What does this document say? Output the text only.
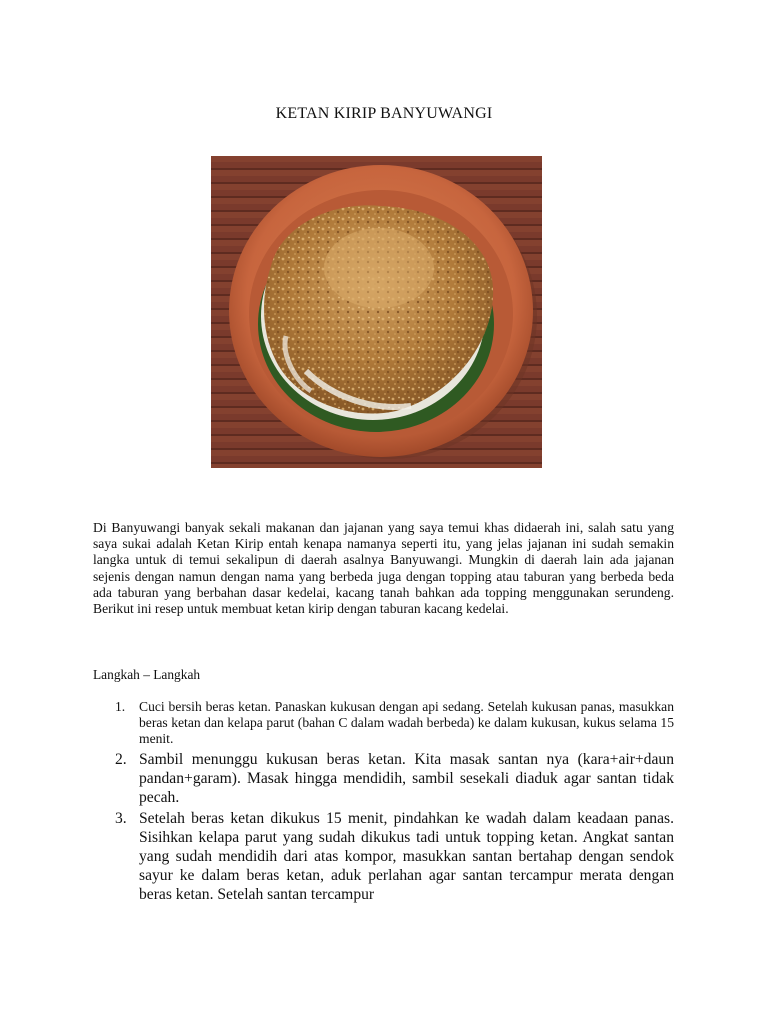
KETAN KIRIP BANYUWANGI

Di Banyuwangi banyak sekali makanan dan jajanan yang saya temui khas didaerah ini, salah satu yang saya sukai adalah Ketan Kirip entah kenapa namanya seperti itu, yang jelas jajanan ini sudah semakin langka untuk di temui sekalipun di daerah asalnya Banyuwangi. Mungkin di daerah lain ada jajanan sejenis dengan namun dengan nama yang berbeda juga dengan topping atau taburan yang berbeda beda ada taburan yang berbahan dasar kedelai, kacang tanah bahkan ada topping menggunakan serundeng. Berikut ini resep untuk membuat ketan kirip dengan taburan kacang kedelai.

Langkah – Langkah

1. Cuci bersih beras ketan. Panaskan kukusan dengan api sedang. Setelah kukusan panas, masukkan beras ketan dan kelapa parut (bahan C dalam wadah berbeda) ke dalam kukusan, kukus selama 15 menit.
2. Sambil menunggu kukusan beras ketan. Kita masak santan nya (kara+air+daun pandan+garam). Masak hingga mendidih, sambil sesekali diaduk agar santan tidak pecah.
3. Setelah beras ketan dikukus 15 menit, pindahkan ke wadah dalam keadaan panas. Sisihkan kelapa parut yang sudah dikukus tadi untuk topping ketan. Angkat santan yang sudah mendidih dari atas kompor, masukkan santan bertahap dengan sendok sayur ke dalam beras ketan, aduk perlahan agar santan tercampur merata dengan beras ketan. Setelah santan tercampur
